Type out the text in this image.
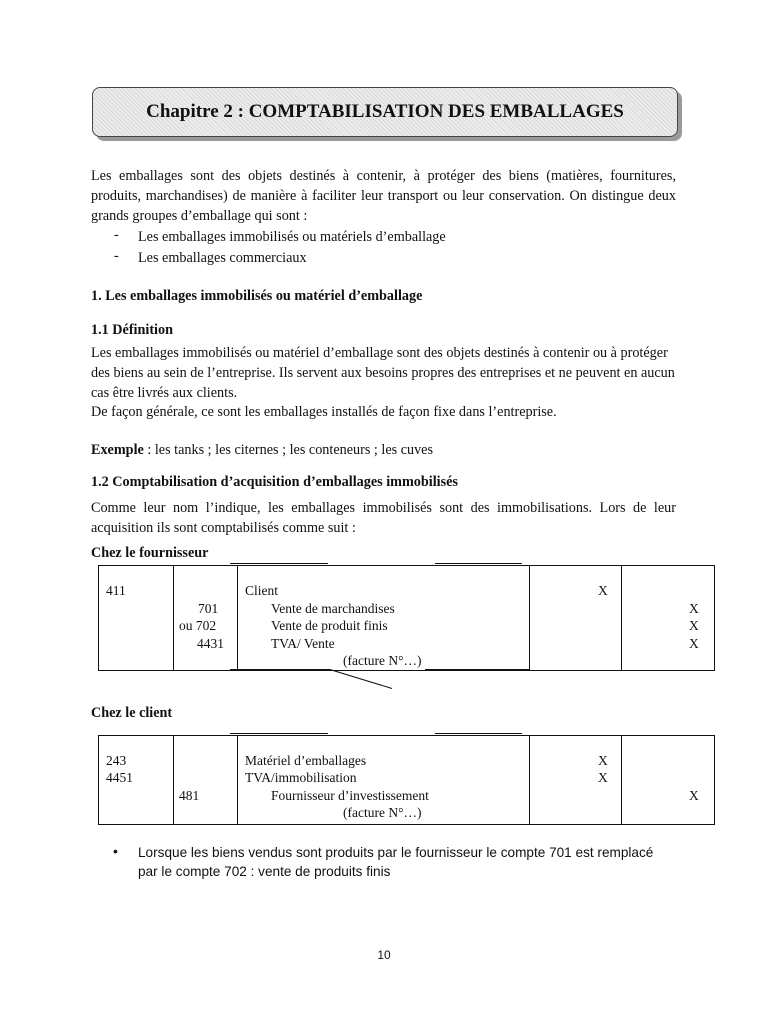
Chapitre 2 : COMPTABILISATION DES EMBALLAGES
Les emballages sont des objets destinés à contenir, à protéger des biens (matières, fournitures, produits, marchandises) de manière à faciliter leur transport ou leur conservation. On distingue deux grands groupes d’emballage qui sont :
- Les emballages immobilisés ou matériels d’emballage
- Les emballages commerciaux
1. Les emballages immobilisés ou matériel d’emballage
1.1 Définition
Les emballages immobilisés ou matériel d’emballage sont des objets destinés à contenir ou à protéger des biens au sein de l’entreprise. Ils servent aux besoins propres des entreprises et ne peuvent en aucun cas être livrés aux clients.
De façon générale, ce sont les emballages installés de façon fixe dans l’entreprise.
Exemple : les tanks ; les citernes ; les conteneurs ; les cuves
1.2 Comptabilisation d’acquisition d’emballages immobilisés
Comme leur nom l’indique, les emballages immobilisés sont des immobilisations. Lors de leur acquisition ils sont comptabilisés comme suit :
Chez le fournisseur
411
701
ou 702
4431
Client
Vente de marchandises
Vente de produit finis
TVA/ Vente
(facture N°…)
X
X
X
X
Chez le client
243
4451
481
Matériel d’emballages
TVA/immobilisation
Fournisseur d’investissement
(facture N°…)
X
X
X
• Lorsque les biens vendus sont produits par le fournisseur le compte 701 est remplacé
par le compte 702 : vente de produits finis
10
